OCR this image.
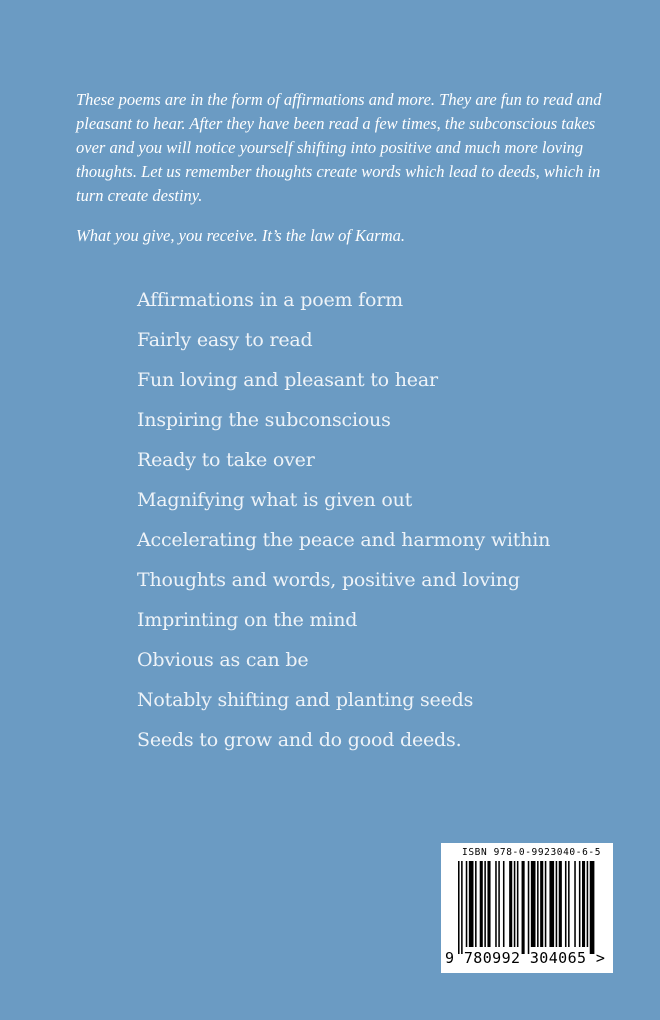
These poems are in the form of affirmations and more. They are fun to read and pleasant to hear. After they have been read a few times, the subconscious takes over and you will notice yourself shifting into positive and much more loving thoughts. Let us remember thoughts create words which lead to deeds, which in turn create destiny.

What you give, you receive. It’s the law of Karma.

Affirmations in a poem form
Fairly easy to read
Fun loving and pleasant to hear
Inspiring the subconscious
Ready to take over
Magnifying what is given out
Accelerating the peace and harmony within
Thoughts and words, positive and loving
Imprinting on the mind
Obvious as can be
Notably shifting and planting seeds
Seeds to grow and do good deeds.
ISBN 978-0-9923040-6-5
9 780992 304065 >
